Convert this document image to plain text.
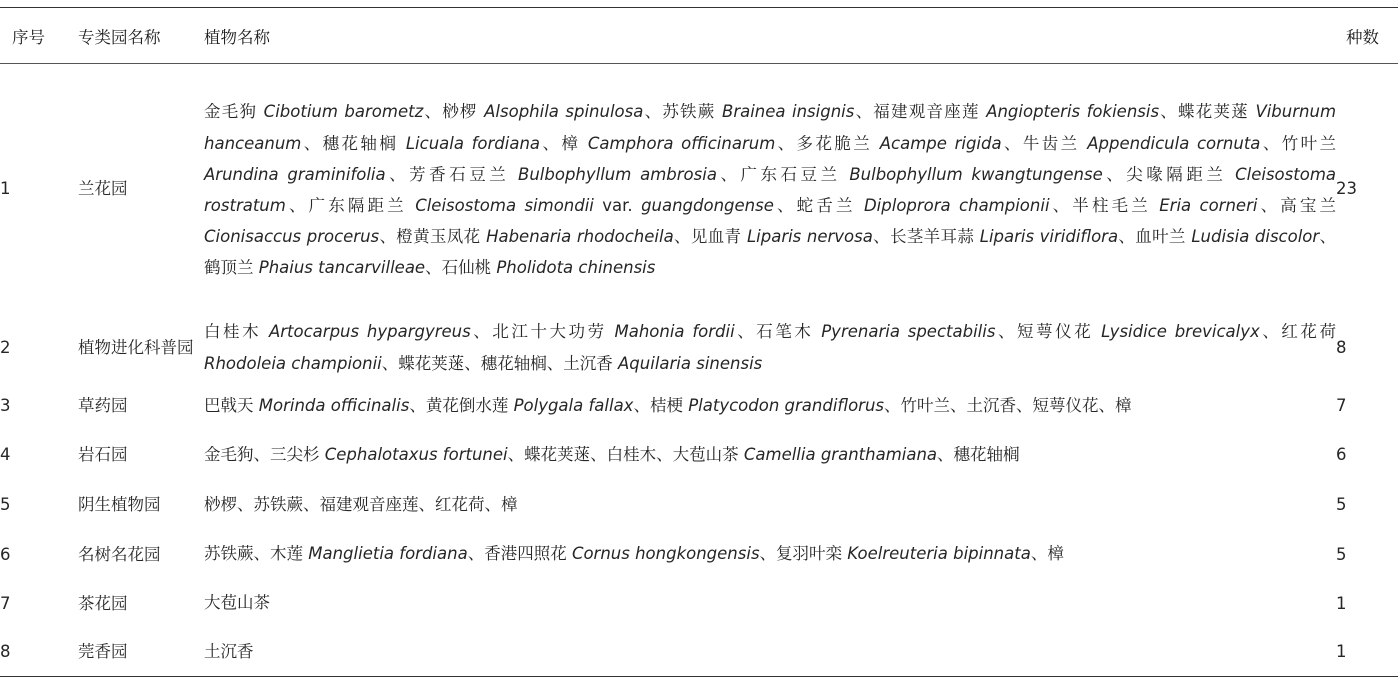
序号	专类园名称	植物名称	种数
1	兰花园	金毛狗 Cibotium barometz、桫椤 Alsophila spinulosa、苏铁蕨 Brainea insignis、福建观音座莲 Angiopteris fokiensis、蝶花荚蒾 Viburnum hanceanum、穗花轴榈 Licuala fordiana、樟 Camphora officinarum、多花脆兰 Acampe rigida、牛齿兰 Appendicula cornuta、竹叶兰 Arundina graminifolia、芳香石豆兰 Bulbophyllum ambrosia、广东石豆兰 Bulbophyllum kwangtungense、尖喙隔距兰 Cleisostoma rostratum、广东隔距兰 Cleisostoma simondii var. guangdongense、蛇舌兰 Diploprora championii、半柱毛兰 Eria corneri、高宝兰 Cionisaccus procerus、橙黄玉凤花 Habenaria rhodocheila、见血青 Liparis nervosa、长茎羊耳蒜 Liparis viridiflora、血叶兰 Ludisia discolor、鹤顶兰 Phaius tancarvilleae、石仙桃 Pholidota chinensis	23
2	植物进化科普园	白桂木 Artocarpus hypargyreus、北江十大功劳 Mahonia fordii、石笔木 Pyrenaria spectabilis、短萼仪花 Lysidice brevicalyx、红花荷 Rhodoleia championii、蝶花荚蒾、穗花轴榈、土沉香 Aquilaria sinensis	8
3	草药园	巴戟天 Morinda officinalis、黄花倒水莲 Polygala fallax、桔梗 Platycodon grandiflorus、竹叶兰、土沉香、短萼仪花、樟	7
4	岩石园	金毛狗、三尖杉 Cephalotaxus fortunei、蝶花荚蒾、白桂木、大苞山茶 Camellia granthamiana、穗花轴榈	6
5	阴生植物园	桫椤、苏铁蕨、福建观音座莲、红花荷、樟	5
6	名树名花园	苏铁蕨、木莲 Manglietia fordiana、香港四照花 Cornus hongkongensis、复羽叶栾 Koelreuteria bipinnata、樟	5
7	茶花园	大苞山茶	1
8	莞香园	土沉香	1
